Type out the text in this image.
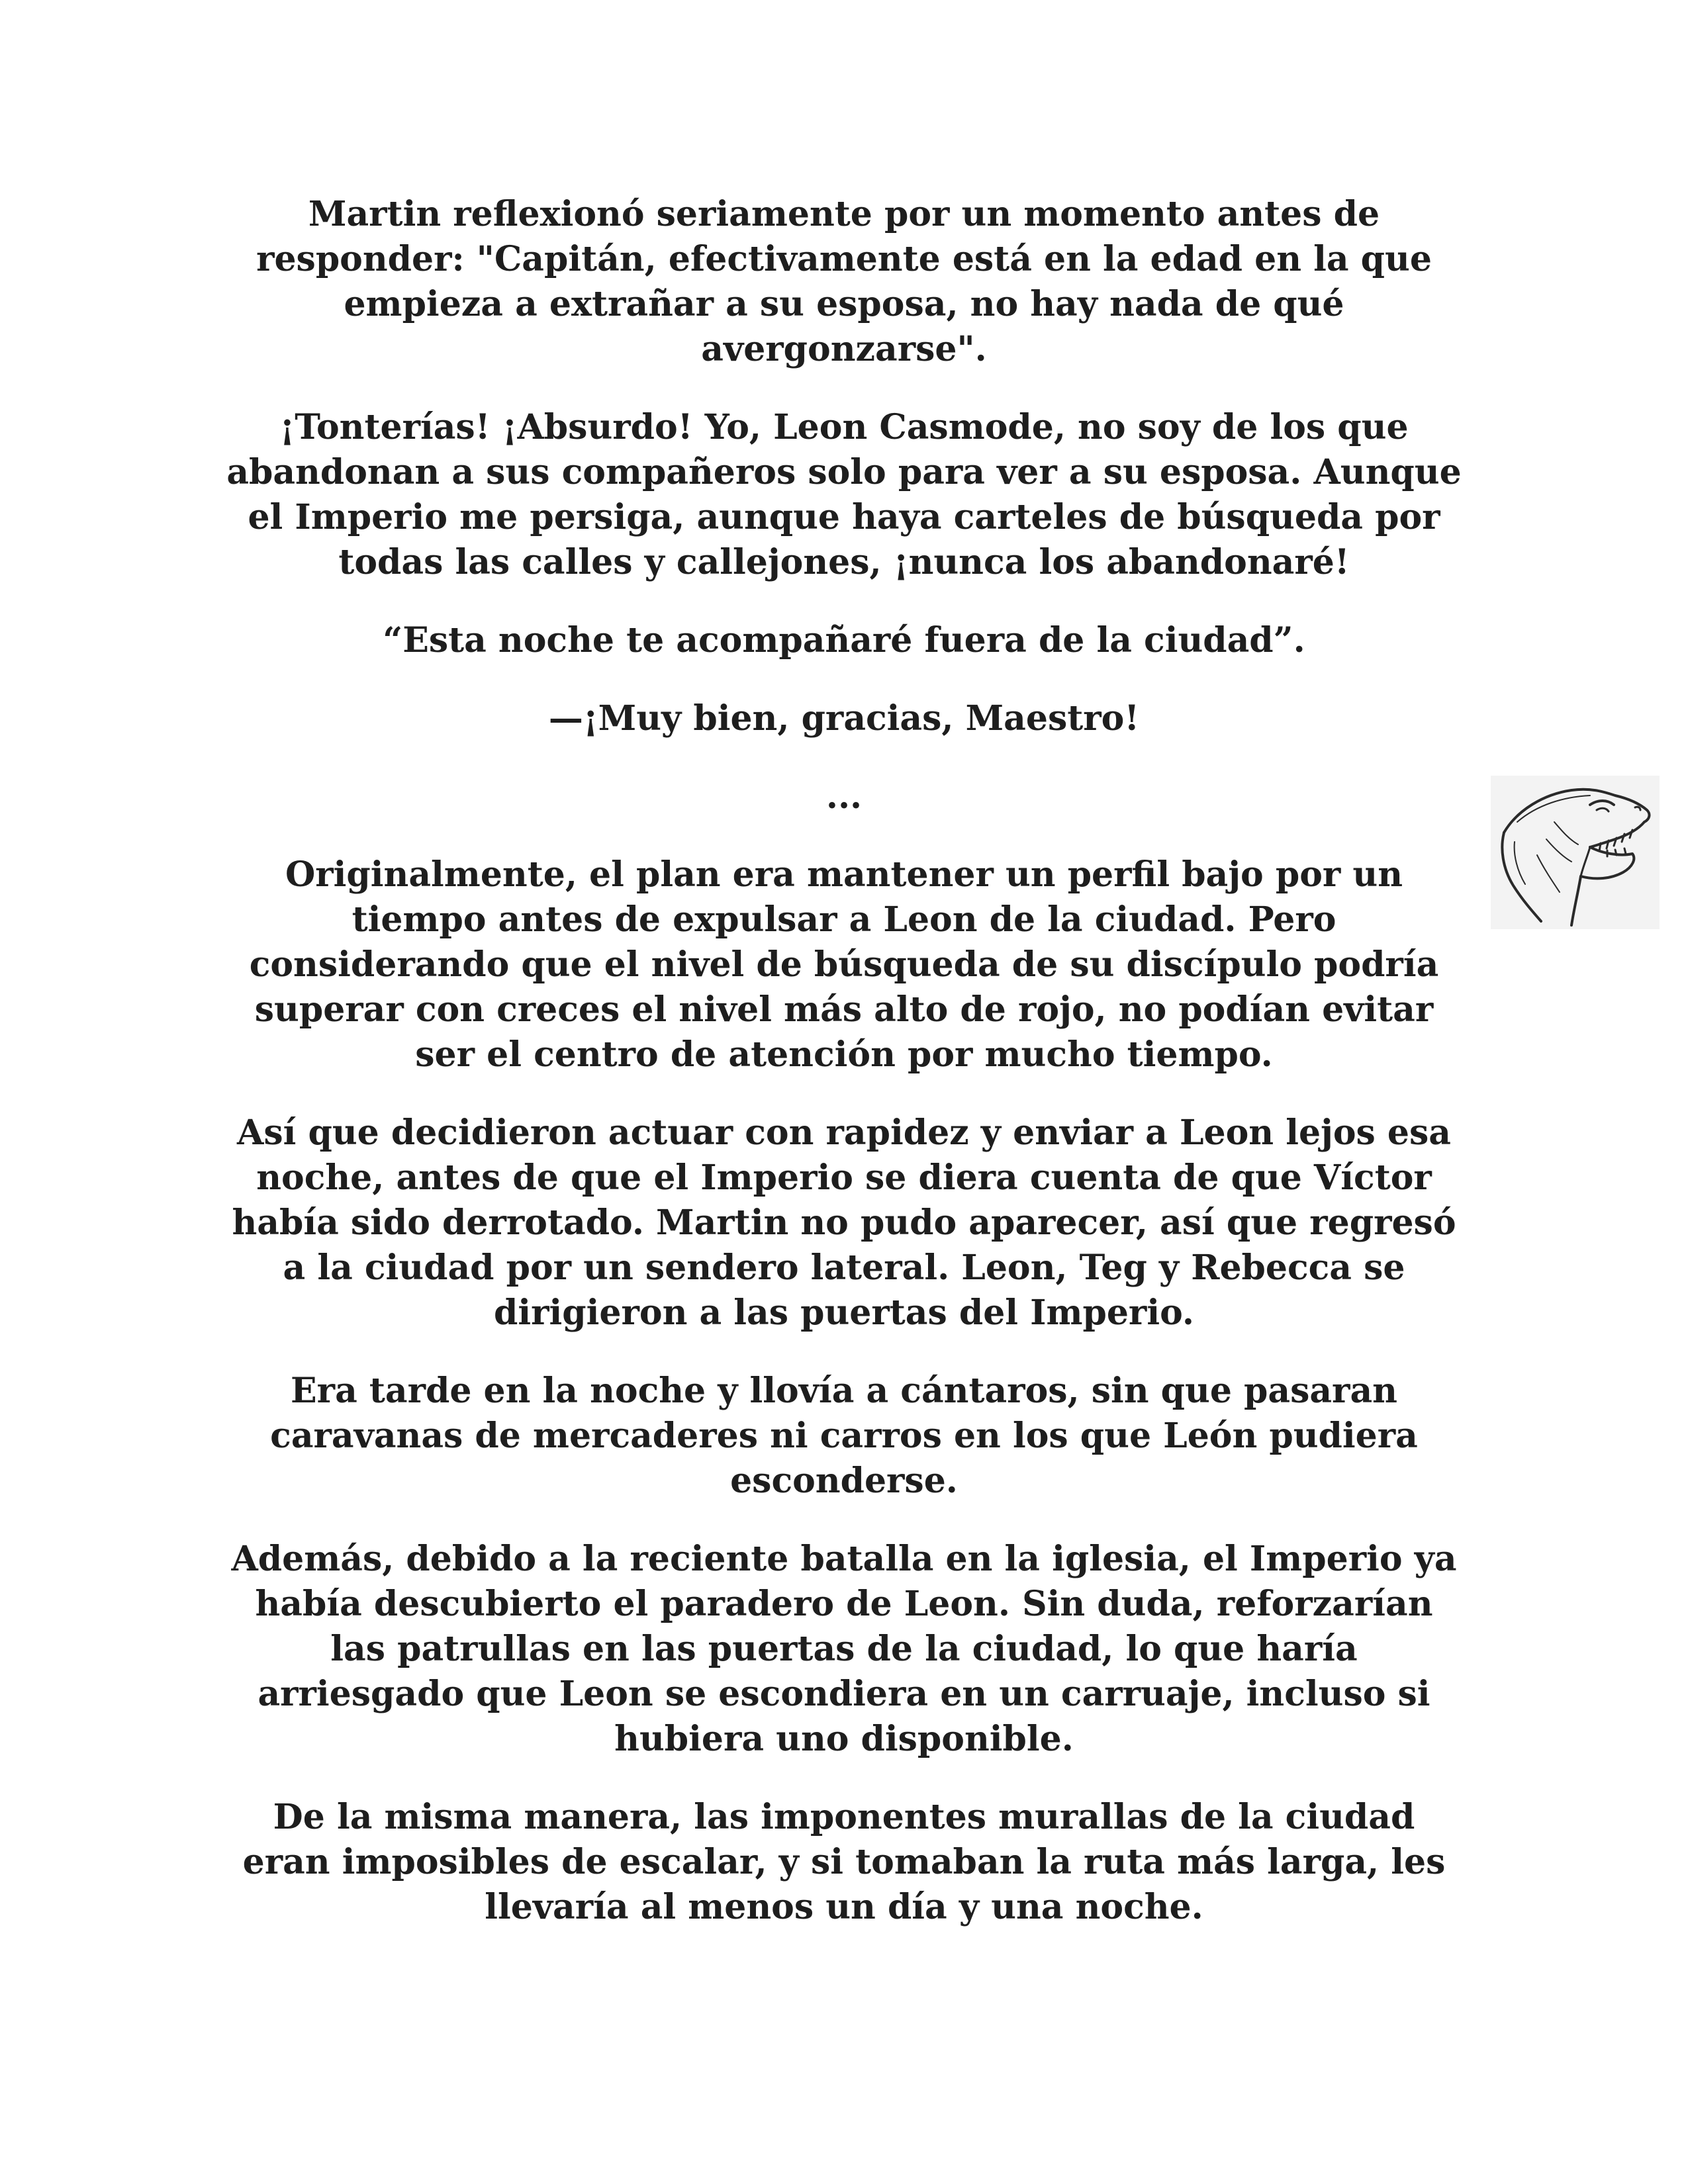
Martin reflexionó seriamente por un momento antes de responder: "Capitán, efectivamente está en la edad en la que empieza a extrañar a su esposa, no hay nada de qué avergonzarse".

¡Tonterías! ¡Absurdo! Yo, Leon Casmode, no soy de los que abandonan a sus compañeros solo para ver a su esposa. Aunque el Imperio me persiga, aunque haya carteles de búsqueda por todas las calles y callejones, ¡nunca los abandonaré!

“Esta noche te acompañaré fuera de la ciudad”.

—¡Muy bien, gracias, Maestro!

...

Originalmente, el plan era mantener un perfil bajo por un tiempo antes de expulsar a Leon de la ciudad. Pero considerando que el nivel de búsqueda de su discípulo podría superar con creces el nivel más alto de rojo, no podían evitar ser el centro de atención por mucho tiempo.

Así que decidieron actuar con rapidez y enviar a Leon lejos esa noche, antes de que el Imperio se diera cuenta de que Víctor había sido derrotado. Martin no pudo aparecer, así que regresó a la ciudad por un sendero lateral. Leon, Teg y Rebecca se dirigieron a las puertas del Imperio.

Era tarde en la noche y llovía a cántaros, sin que pasaran caravanas de mercaderes ni carros en los que León pudiera esconderse.

Además, debido a la reciente batalla en la iglesia, el Imperio ya había descubierto el paradero de Leon. Sin duda, reforzarían las patrullas en las puertas de la ciudad, lo que haría arriesgado que Leon se escondiera en un carruaje, incluso si hubiera uno disponible.

De la misma manera, las imponentes murallas de la ciudad eran imposibles de escalar, y si tomaban la ruta más larga, les llevaría al menos un día y una noche.
